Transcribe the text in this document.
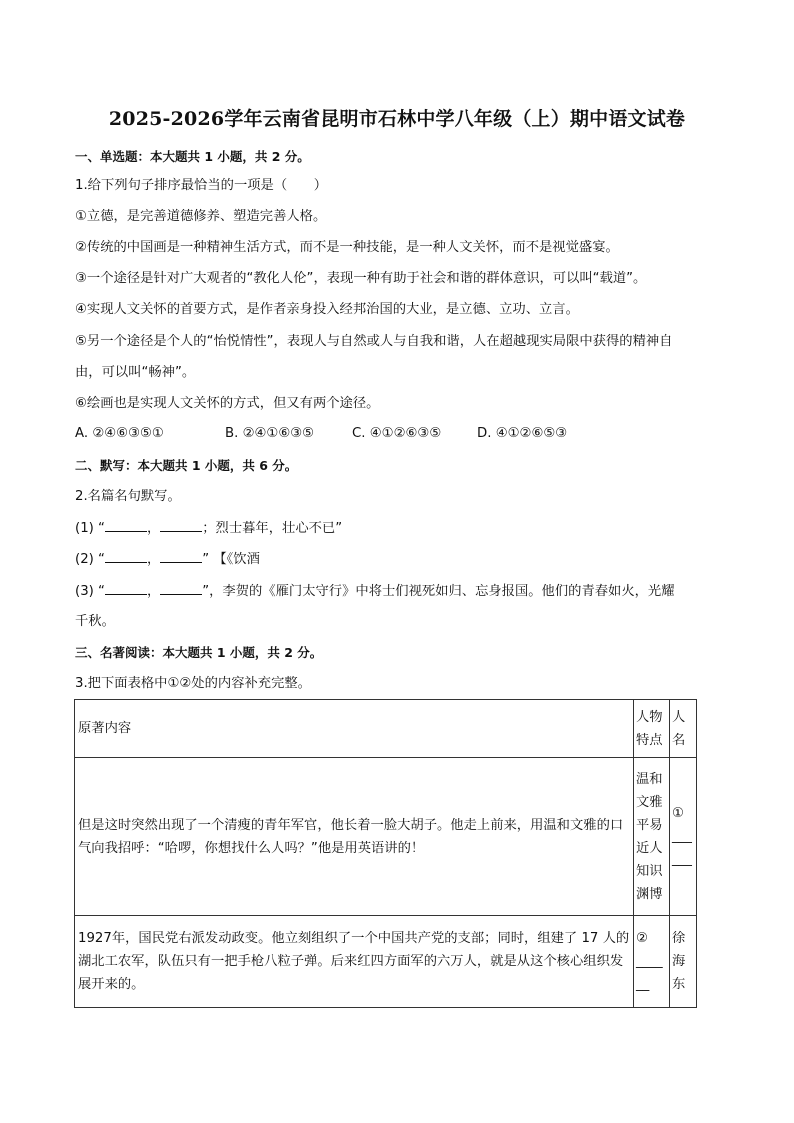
2025-2026学年云南省昆明市石林中学八年级（上）期中语文试卷
一、单选题：本大题共 1 小题，共 2 分。
1.给下列句子排序最恰当的一项是（　　）
①立德，是完善道德修养、塑造完善人格。
②传统的中国画是一种精神生活方式，而不是一种技能，是一种人文关怀，而不是视觉盛宴。
③一个途径是针对广大观者的“教化人伦”，表现一种有助于社会和谐的群体意识，可以叫“载道”。
④实现人文关怀的首要方式，是作者亲身投入经邦治国的大业，是立德、立功、立言。
⑤另一个途径是个人的“怡悦情性”，表现人与自然或人与自我和谐，人在超越现实局限中获得的精神自
由，可以叫“畅神”。
⑥绘画也是实现人文关怀的方式，但又有两个途径。
A. ②④⑥③⑤①	B. ②④①⑥③⑤	C. ④①②⑥③⑤	D. ④①②⑥⑤③
二、默写：本大题共 1 小题，共 6 分。
2.名篇名句默写。
(1) “	，	；烈士暮年，壮心不已”
(2) “	，	” 【《饮酒
(3) “	，	”，李贺的《雁门太守行》中将士们视死如归、忘身报国。他们的青春如火，光耀
千秋。
三、名著阅读：本大题共 1 小题，共 2 分。
3.把下面表格中①②处的内容补充完整。
原著内容	人物特点	人名
但是这时突然出现了一个清瘦的青年军官，他长着一脸大胡子。他走上前来，用温和文雅的口气向我招呼：“哈啰，你想找什么人吗？”他是用英语讲的！	温和文雅平易近人知识渊博	①
___
___
1927年，国民党右派发动政变。他立刻组织了一个中国共产党的支部；同时，组建了 17 人的湖北工农军，队伍只有一把手枪八粒子弹。后来红四方面军的六万人，就是从这个核心组织发展开来的。	②
____
__	徐海东
